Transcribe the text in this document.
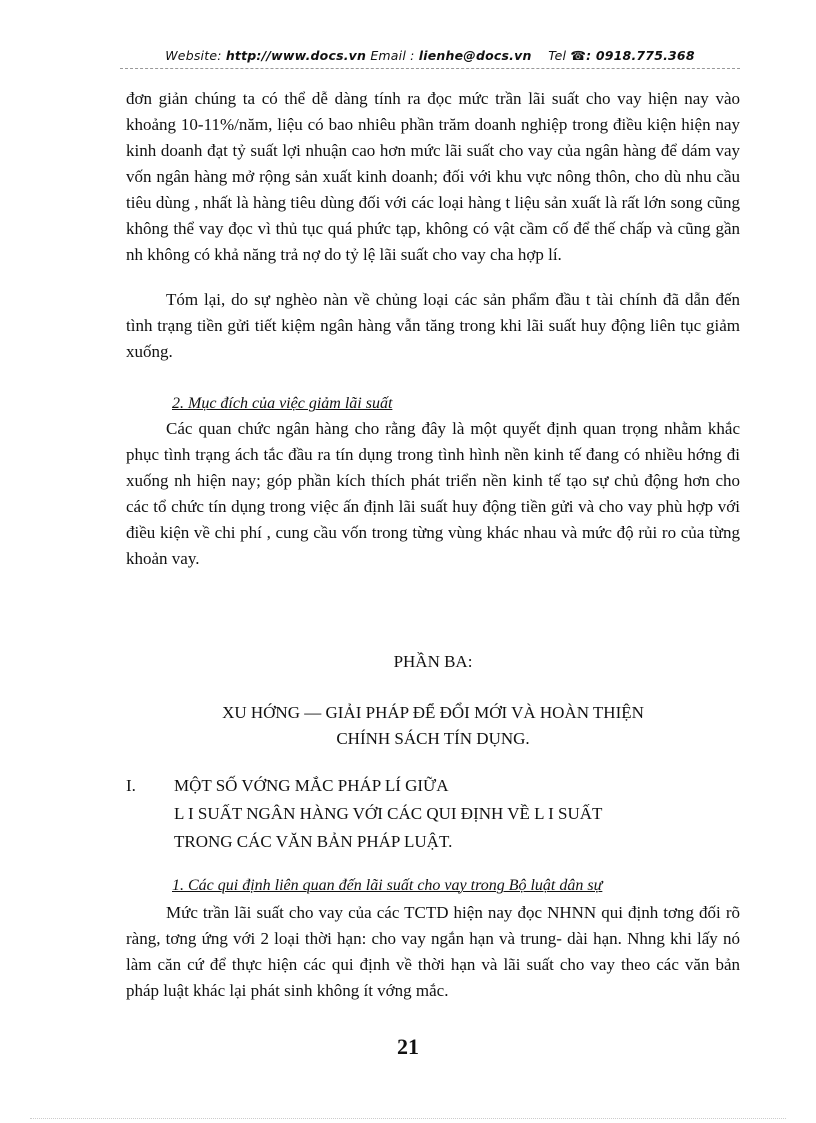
Website: http://www.docs.vn Email : lienhe@docs.vn Tel ☎: 0918.775.368

đơn giản chúng ta có thể dễ dàng tính ra đọc mức trần lãi suất cho vay hiện nay vào khoảng 10-11%/năm, liệu có bao nhiêu phần trăm doanh nghiệp trong điều kiện hiện nay kinh doanh đạt tỷ suất lợi nhuận cao hơn mức lãi suất cho vay của ngân hàng để dám vay vốn ngân hàng mở rộng sản xuất kinh doanh; đối với khu vực nông thôn, cho dù nhu cầu tiêu dùng , nhất là hàng tiêu dùng đối với các loại hàng t liệu sản xuất là rất lớn song cũng không thể vay đọc vì thủ tục quá phức tạp, không có vật cầm cố để thế chấp và cũng gần nh không có khả năng trả nợ do tỷ lệ lãi suất cho vay cha hợp lí.

Tóm lại, do sự nghèo nàn về chủng loại các sản phẩm đầu t tài chính đã dẫn đến tình trạng tiền gửi tiết kiệm ngân hàng vẫn tăng trong khi lãi suất huy động liên tục giảm xuống.

2. Mục đích của việc giảm lãi suất

Các quan chức ngân hàng cho rằng đây là một quyết định quan trọng nhằm khắc phục tình trạng ách tắc đầu ra tín dụng trong tình hình nền kinh tế đang có nhiều hớng đi xuống nh hiện nay; góp phần kích thích phát triển nền kinh tế tạo sự chủ động hơn cho các tổ chức tín dụng trong việc ấn định lãi suất huy động tiền gửi và cho vay phù hợp với điều kiện về chi phí , cung cầu vốn trong từng vùng khác nhau và mức độ rủi ro của từng khoản vay.

PHẦN BA:
XU HỚNG — GIẢI PHÁP ĐỂ ĐỔI MỚI VÀ HOÀN THIỆN
CHÍNH SÁCH TÍN DỤNG.
I. MỘT SỐ VỚNG MẮC PHÁP LÍ GIỮA
L I SUẤT NGÂN HÀNG VỚI CÁC QUI ĐỊNH VỀ L I SUẤT
TRONG CÁC VĂN BẢN PHÁP LUẬT.
1. Các qui định liên quan đến lãi suất cho vay trong Bộ luật dân sự

Mức trần lãi suất cho vay của các TCTD hiện nay đọc NHNN qui định tơng đối rõ ràng, tơng ứng với 2 loại thời hạn: cho vay ngắn hạn và trung- dài hạn. Nhng khi lấy nó làm căn cứ để thực hiện các qui định về thời hạn và lãi suất cho vay theo các văn bản pháp luật khác lại phát sinh không ít vớng mắc.

21
